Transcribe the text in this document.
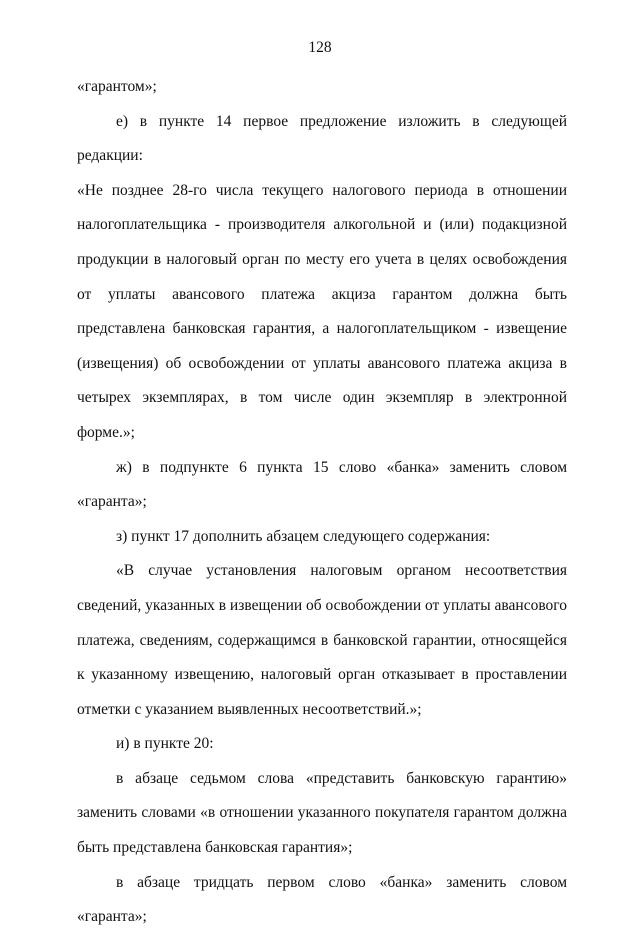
128

«гарантом»;

е) в пункте 14 первое предложение изложить в следующей редакции:

«Не позднее 28-го числа текущего налогового периода в отношении налогоплательщика - производителя алкогольной и (или) подакцизной продукции в налоговый орган по месту его учета в целях освобождения от уплаты авансового платежа акциза гарантом должна быть представлена банковская гарантия, а налогоплательщиком - извещение (извещения) об освобождении от уплаты авансового платежа акциза в четырех экземплярах, в том числе один экземпляр в электронной форме.»;

ж) в подпункте 6 пункта 15 слово «банка» заменить словом «гаранта»;

з) пункт 17 дополнить абзацем следующего содержания:

«В случае установления налоговым органом несоответствия сведений, указанных в извещении об освобождении от уплаты авансового платежа, сведениям, содержащимся в банковской гарантии, относящейся к указанному извещению, налоговый орган отказывает в проставлении отметки с указанием выявленных несоответствий.»;

и) в пункте 20:

в абзаце седьмом слова «представить банковскую гарантию» заменить словами «в отношении указанного покупателя гарантом должна быть представлена банковская гарантия»;

в абзаце тридцать первом слово «банка» заменить словом «гаранта»;
